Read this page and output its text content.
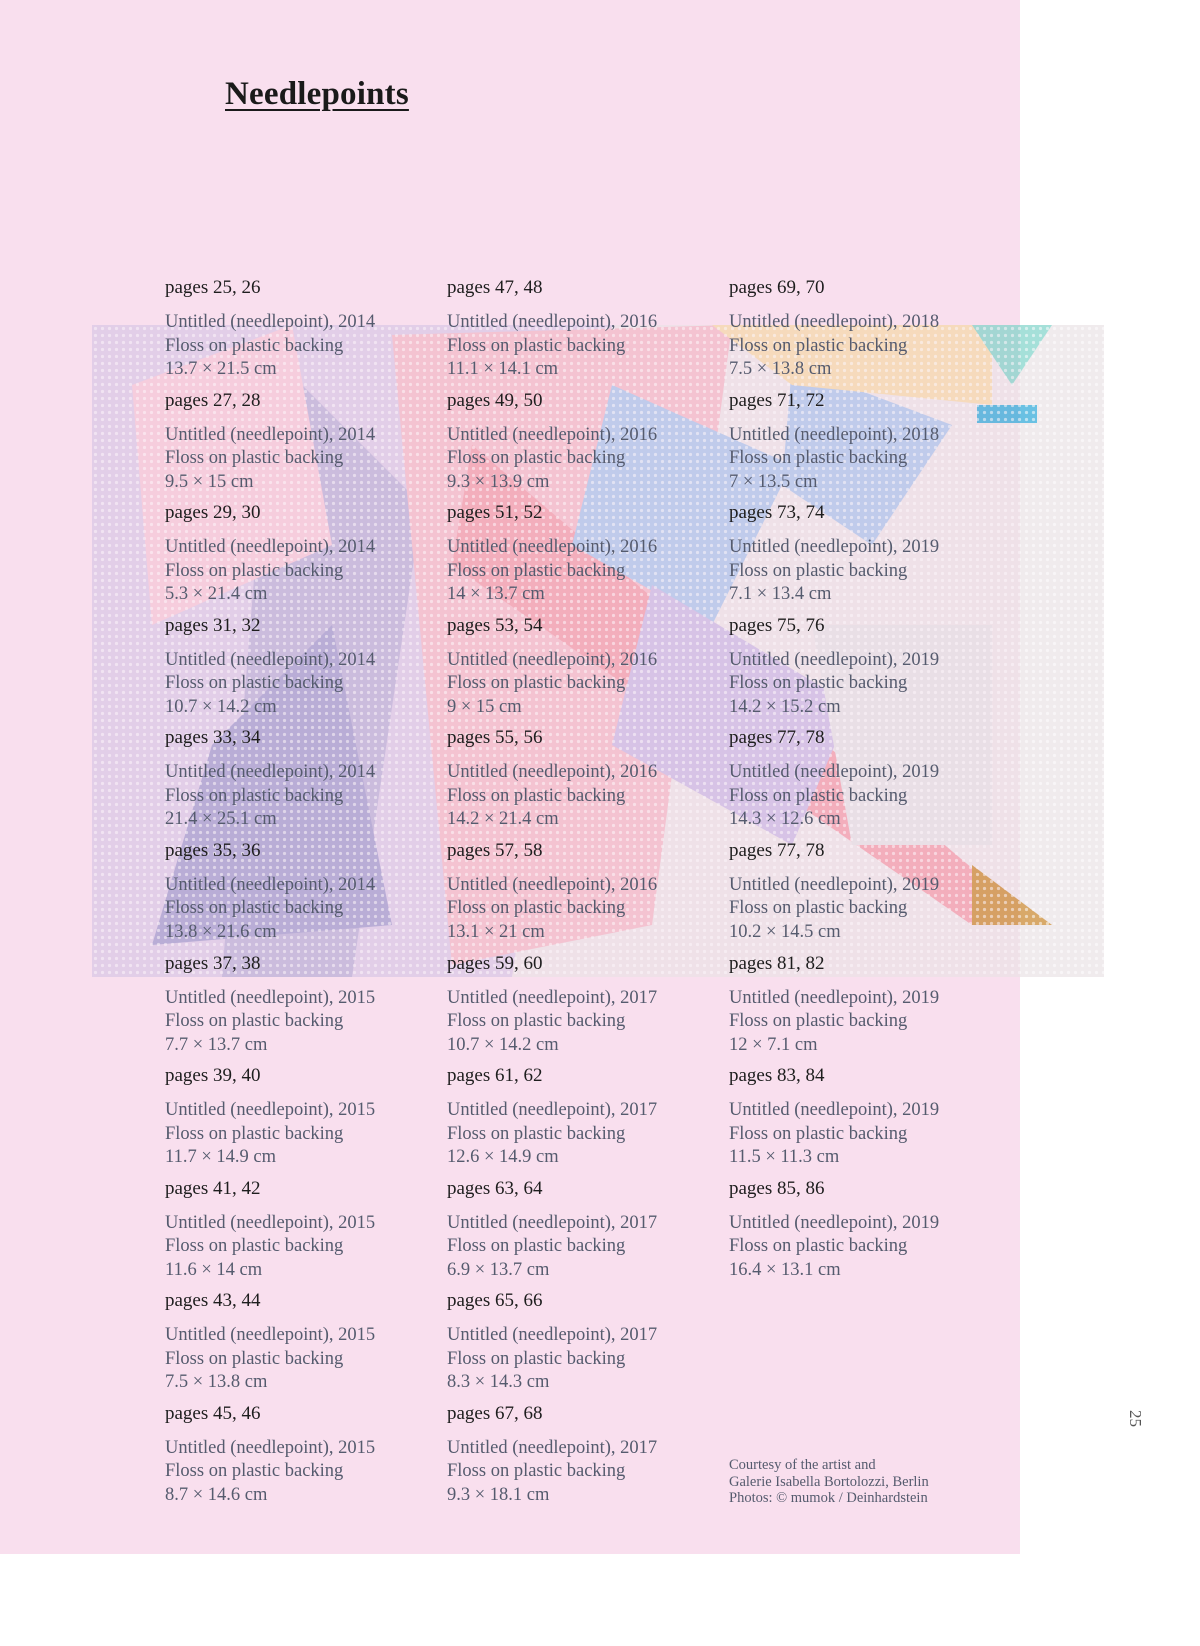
Needlepoints
pages 25, 26
Untitled (needlepoint), 2014
Floss on plastic backing
13.7 × 21.5 cm
pages 27, 28
Untitled (needlepoint), 2014
Floss on plastic backing
9.5 × 15 cm
pages 29, 30
Untitled (needlepoint), 2014
Floss on plastic backing
5.3 × 21.4 cm
pages 31, 32
Untitled (needlepoint), 2014
Floss on plastic backing
10.7 × 14.2 cm
pages 33, 34
Untitled (needlepoint), 2014
Floss on plastic backing
21.4 × 25.1 cm
pages 35, 36
Untitled (needlepoint), 2014
Floss on plastic backing
13.8 × 21.6 cm
pages 37, 38
Untitled (needlepoint), 2015
Floss on plastic backing
7.7 × 13.7 cm
pages 39, 40
Untitled (needlepoint), 2015
Floss on plastic backing
11.7 × 14.9 cm
pages 41, 42
Untitled (needlepoint), 2015
Floss on plastic backing
11.6 × 14 cm
pages 43, 44
Untitled (needlepoint), 2015
Floss on plastic backing
7.5 × 13.8 cm
pages 45, 46
Untitled (needlepoint), 2015
Floss on plastic backing
8.7 × 14.6 cm
pages 47, 48
Untitled (needlepoint), 2016
Floss on plastic backing
11.1 × 14.1 cm
pages 49, 50
Untitled (needlepoint), 2016
Floss on plastic backing
9.3 × 13.9 cm
pages 51, 52
Untitled (needlepoint), 2016
Floss on plastic backing
14 × 13.7 cm
pages 53, 54
Untitled (needlepoint), 2016
Floss on plastic backing
9 × 15 cm
pages 55, 56
Untitled (needlepoint), 2016
Floss on plastic backing
14.2 × 21.4 cm
pages 57, 58
Untitled (needlepoint), 2016
Floss on plastic backing
13.1 × 21 cm
pages 59, 60
Untitled (needlepoint), 2017
Floss on plastic backing
10.7 × 14.2 cm
pages 61, 62
Untitled (needlepoint), 2017
Floss on plastic backing
12.6 × 14.9 cm
pages 63, 64
Untitled (needlepoint), 2017
Floss on plastic backing
6.9 × 13.7 cm
pages 65, 66
Untitled (needlepoint), 2017
Floss on plastic backing
8.3 × 14.3 cm
pages 67, 68
Untitled (needlepoint), 2017
Floss on plastic backing
9.3 × 18.1 cm
pages 69, 70
Untitled (needlepoint), 2018
Floss on plastic backing
7.5 × 13.8 cm
pages 71, 72
Untitled (needlepoint), 2018
Floss on plastic backing
7 × 13.5 cm
pages 73, 74
Untitled (needlepoint), 2019
Floss on plastic backing
7.1 × 13.4 cm
pages 75, 76
Untitled (needlepoint), 2019
Floss on plastic backing
14.2 × 15.2 cm
pages 77, 78
Untitled (needlepoint), 2019
Floss on plastic backing
14.3 × 12.6 cm
pages 77, 78
Untitled (needlepoint), 2019
Floss on plastic backing
10.2 × 14.5 cm
pages 81, 82
Untitled (needlepoint), 2019
Floss on plastic backing
12 × 7.1 cm
pages 83, 84
Untitled (needlepoint), 2019
Floss on plastic backing
11.5 × 11.3 cm
pages 85, 86
Untitled (needlepoint), 2019
Floss on plastic backing
16.4 × 13.1 cm
Courtesy of the artist and
Galerie Isabella Bortolozzi, Berlin
Photos: © mumok / Deinhardstein
25
